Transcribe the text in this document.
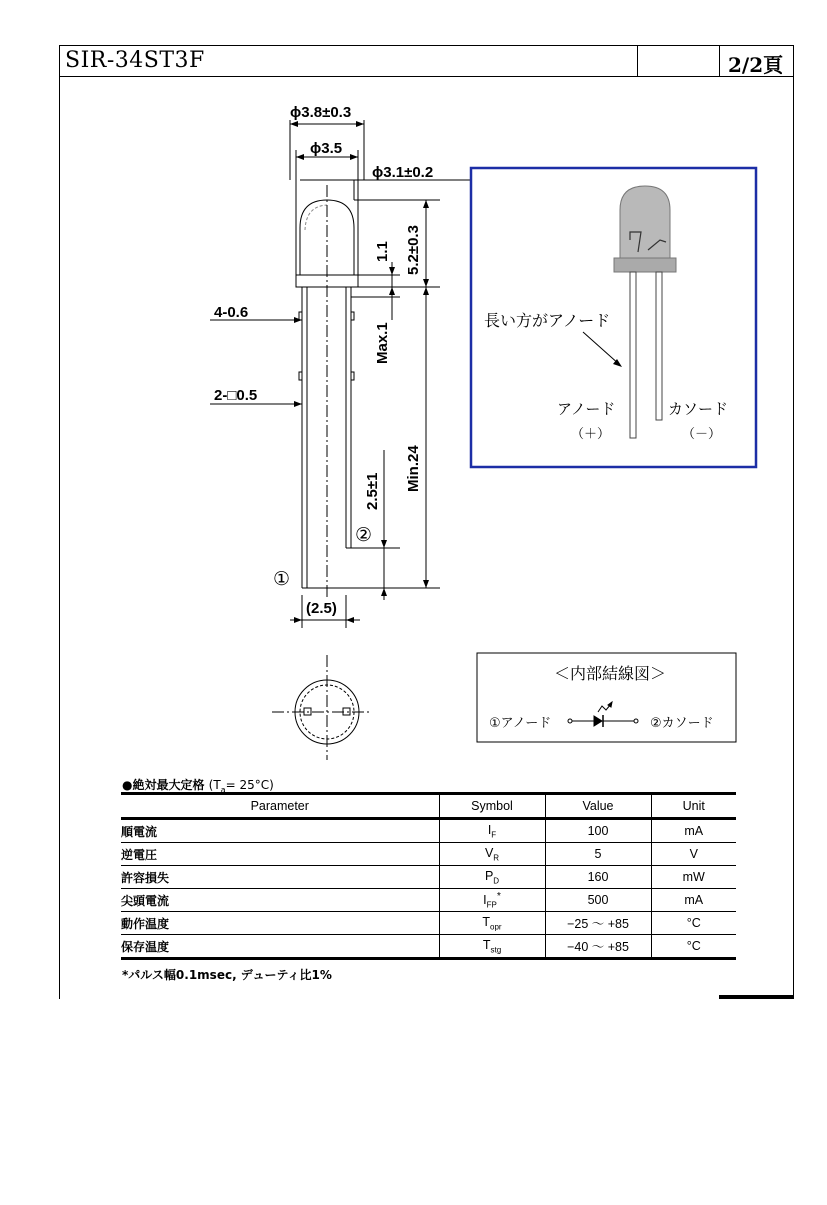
SIR-34ST3F	2/2頁
ϕ3.8±0.3
ϕ3.5
ϕ3.1±0.2
5.2±0.3
1.1
4-0.6
Max.1
2-□0.5
Min.24
2.5±1
(2.5)
①
②
長い方がアノード
アノード
（＋）
カソード
（－）
＜内部結線図＞
①アノード	②カソード
●絶対最大定格 $(T_a= 25^\circ C)$
Parameter	Symbol	Value	Unit
順電流	$I_F$	100	mA
逆電圧	$V_R$	5	V
許容損失	$P_D$	160	mW
尖頭電流	$I_{FP}^*$	500	mA
動作温度	$T_{opr}$	−25 ～ +85	°C
保存温度	$T_{stg}$	−40 ～ +85	°C
*パルス幅0.1msec, デューティ比1%
